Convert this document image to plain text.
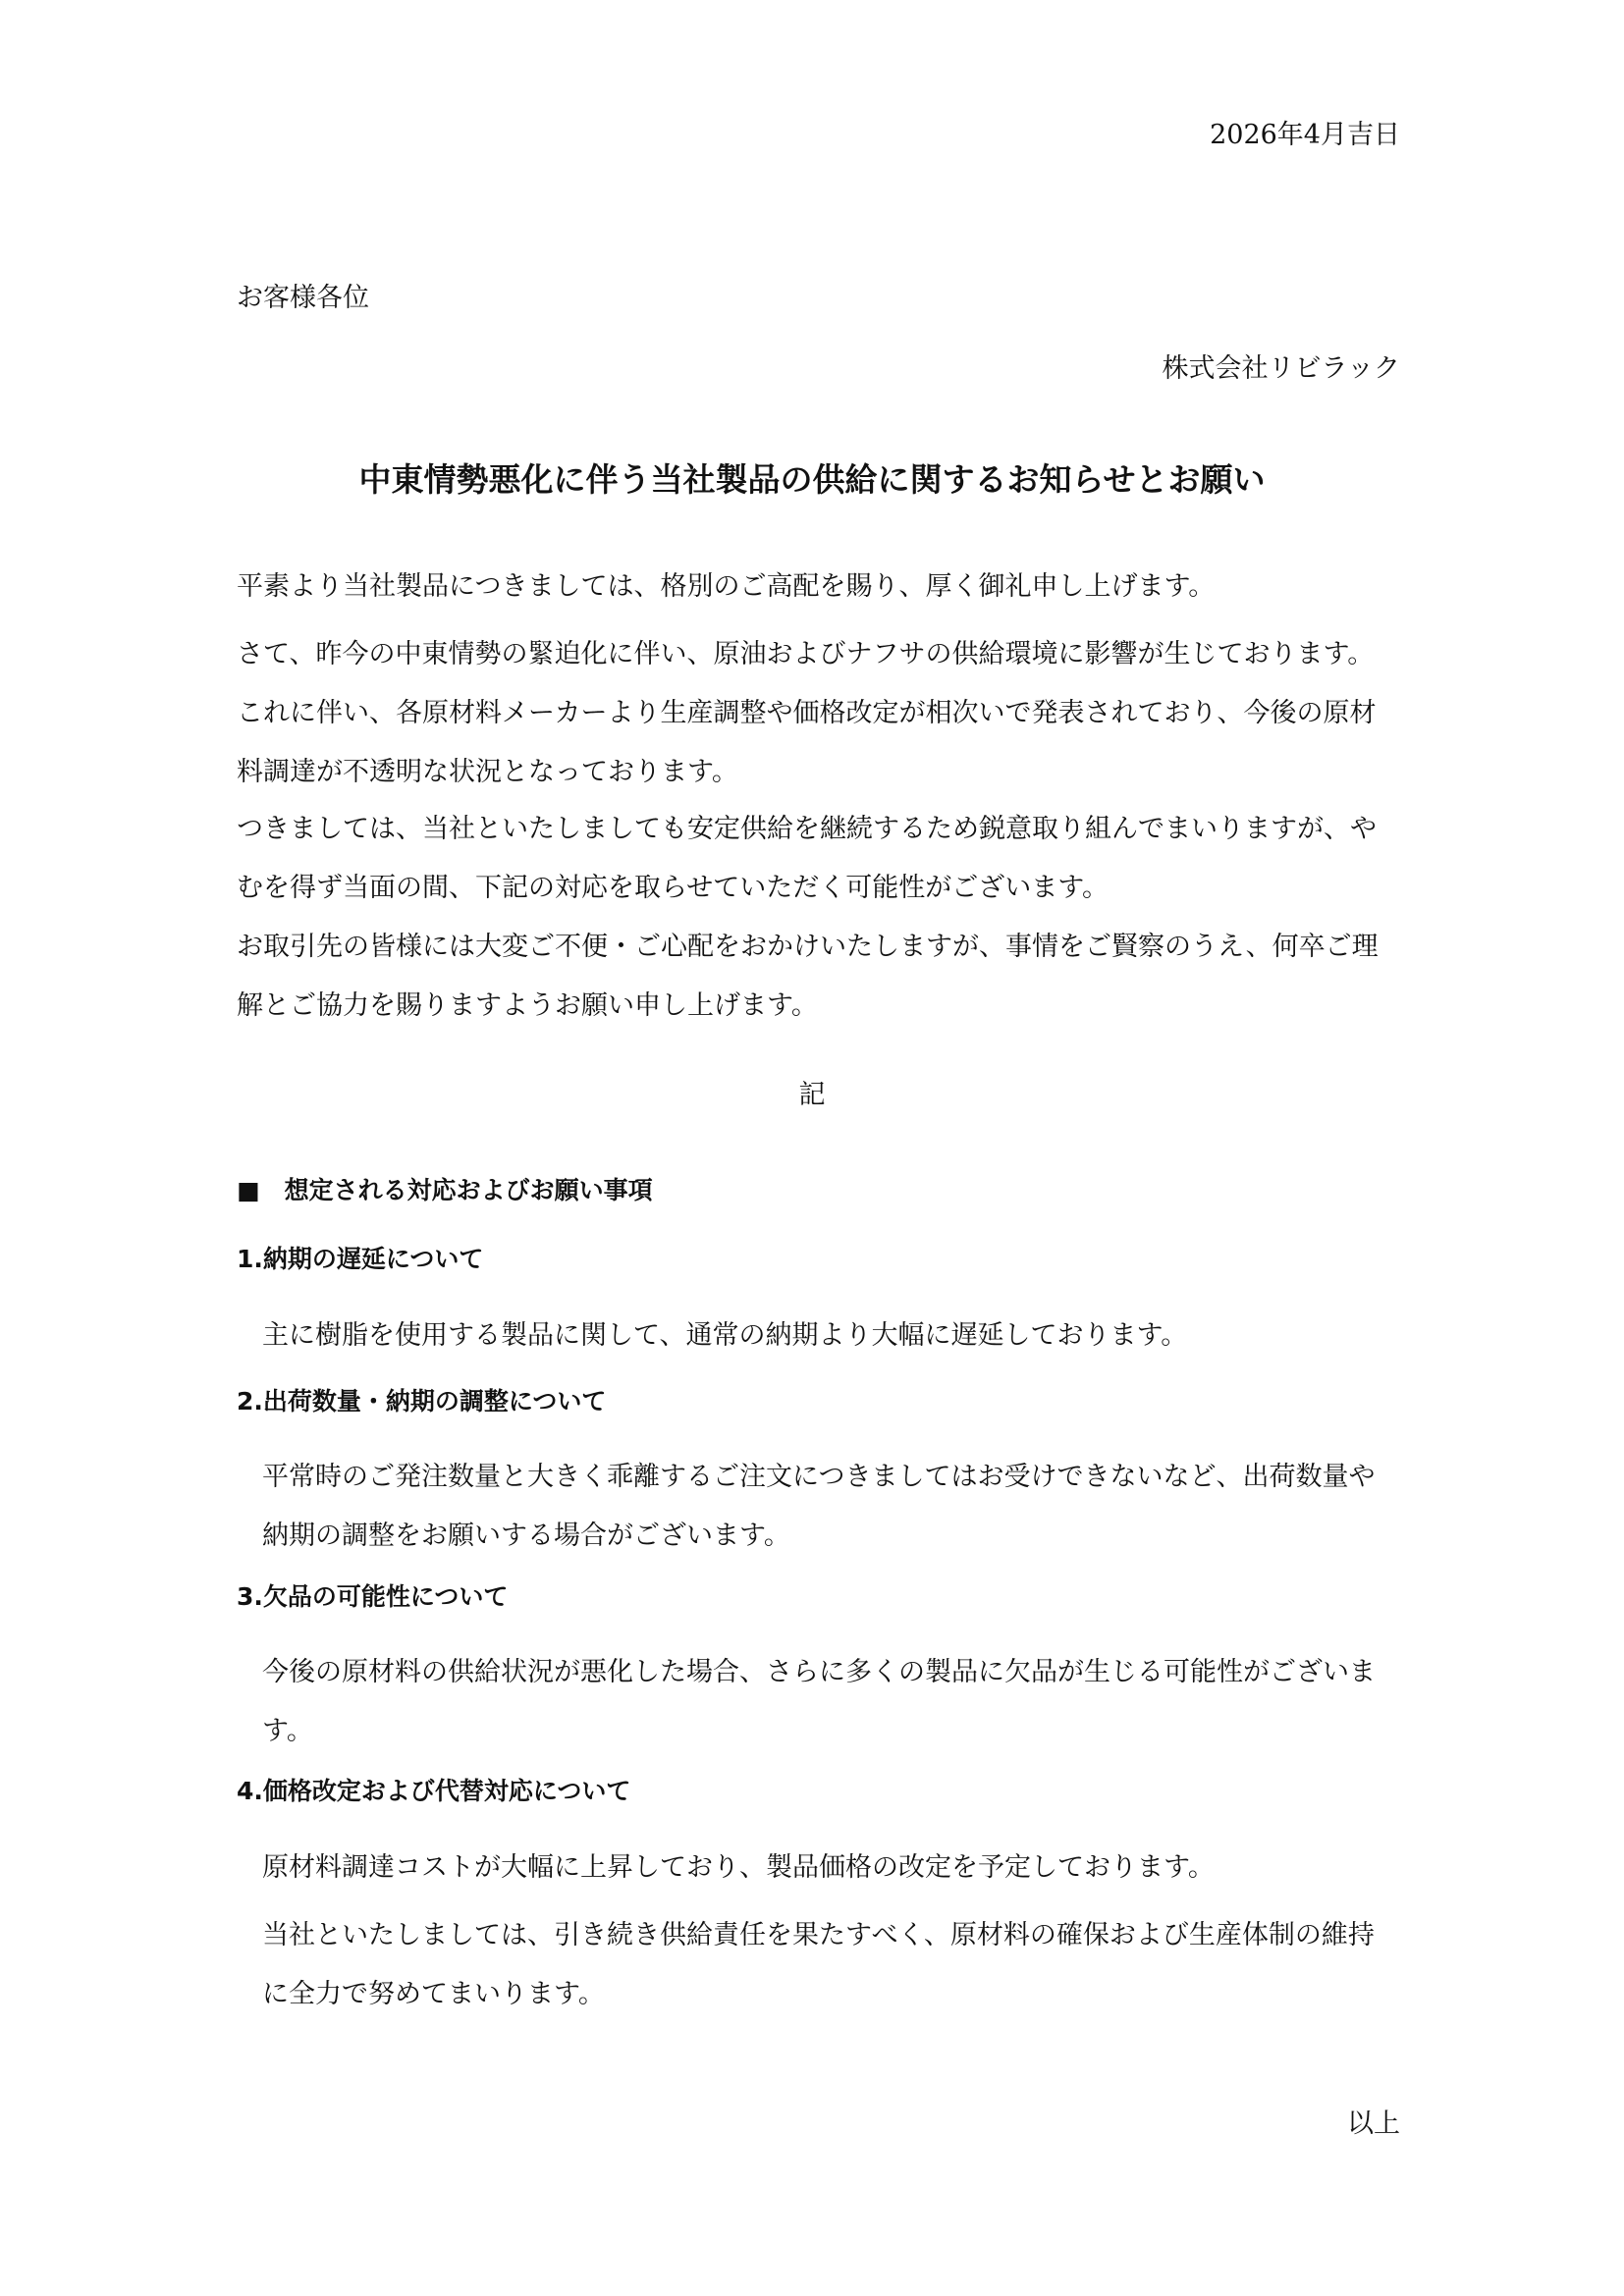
2026年4月吉日
お客様各位
株式会社リビラック
中東情勢悪化に伴う当社製品の供給に関するお知らせとお願い
平素より当社製品につきましては、格別のご高配を賜り、厚く御礼申し上げます。
さて、昨今の中東情勢の緊迫化に伴い、原油およびナフサの供給環境に影響が生じております。これに伴い、各原材料メーカーより生産調整や価格改定が相次いで発表されており、今後の原材料調達が不透明な状況となっております。
つきましては、当社といたしましても安定供給を継続するため鋭意取り組んでまいりますが、やむを得ず当面の間、下記の対応を取らせていただく可能性がございます。
お取引先の皆様には大変ご不便・ご心配をおかけいたしますが、事情をご賢察のうえ、何卒ご理解とご協力を賜りますようお願い申し上げます。
記
■　想定される対応およびお願い事項
1.納期の遅延について
主に樹脂を使用する製品に関して、通常の納期より大幅に遅延しております。
2.出荷数量・納期の調整について
平常時のご発注数量と大きく乖離するご注文につきましてはお受けできないなど、出荷数量や納期の調整をお願いする場合がございます。
3.欠品の可能性について
今後の原材料の供給状況が悪化した場合、さらに多くの製品に欠品が生じる可能性がございます。
4.価格改定および代替対応について
原材料調達コストが大幅に上昇しており、製品価格の改定を予定しております。
当社といたしましては、引き続き供給責任を果たすべく、原材料の確保および生産体制の維持に全力で努めてまいります。
以上
